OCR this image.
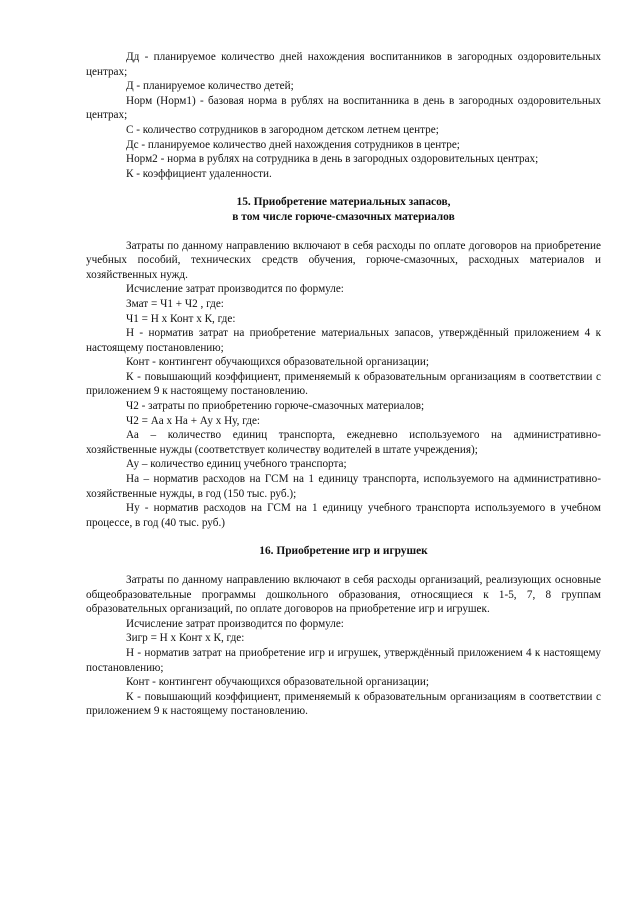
Дд - планируемое количество дней нахождения воспитанников в загородных оздоровительных центрах;

Д - планируемое количество детей;

Норм (Норм1) - базовая норма в рублях на воспитанника в день в загородных оздоровительных центрах;

С - количество сотрудников в загородном детском летнем центре;

Дс - планируемое количество дней нахождения сотрудников в центре;

Норм2 - норма в рублях на сотрудника в день в загородных оздоровительных центрах;

К - коэффициент удаленности.

15. Приобретение материальных запасов,

в том числе горюче-смазочных материалов

Затраты по данному направлению включают в себя расходы по оплате договоров на приобретение учебных пособий, технических средств обучения, горюче-смазочных, расходных материалов и хозяйственных нужд.

Исчисление затрат производится по формуле:

Змат = Ч1 + Ч2 , где:

Ч1 = Н х Конт х К, где:

Н - норматив затрат на приобретение материальных запасов, утверждённый приложением 4 к настоящему постановлению;

Конт - контингент обучающихся образовательной организации;

К - повышающий коэффициент, применяемый к образовательным организациям в соответствии с приложением 9 к настоящему постановлению.

Ч2 - затраты по приобретению горюче-смазочных материалов;

Ч2 = Аа х На + Ау х Ну, где:

Аа – количество единиц транспорта, ежедневно используемого на административно-хозяйственные нужды (соответствует количеству водителей в штате учреждения);

Ау – количество единиц учебного транспорта;

На – норматив расходов на ГСМ на 1 единицу транспорта, используемого на административно-хозяйственные нужды, в год (150 тыс. руб.);

Ну - норматив расходов на ГСМ на 1 единицу учебного транспорта используемого в учебном процессе, в год (40 тыс. руб.)

16. Приобретение игр и игрушек

Затраты по данному направлению включают в себя расходы организаций, реализующих основные общеобразовательные программы дошкольного образования, относящиеся к 1-5, 7, 8 группам образовательных организаций, по оплате договоров на приобретение игр и игрушек.

Исчисление затрат производится по формуле:

Зигр = Н х Конт х К, где:

Н - норматив затрат на приобретение игр и игрушек, утверждённый приложением 4 к настоящему постановлению;

Конт - контингент обучающихся образовательной организации;

К - повышающий коэффициент, применяемый к образовательным организациям в соответствии с приложением 9 к настоящему постановлению.
